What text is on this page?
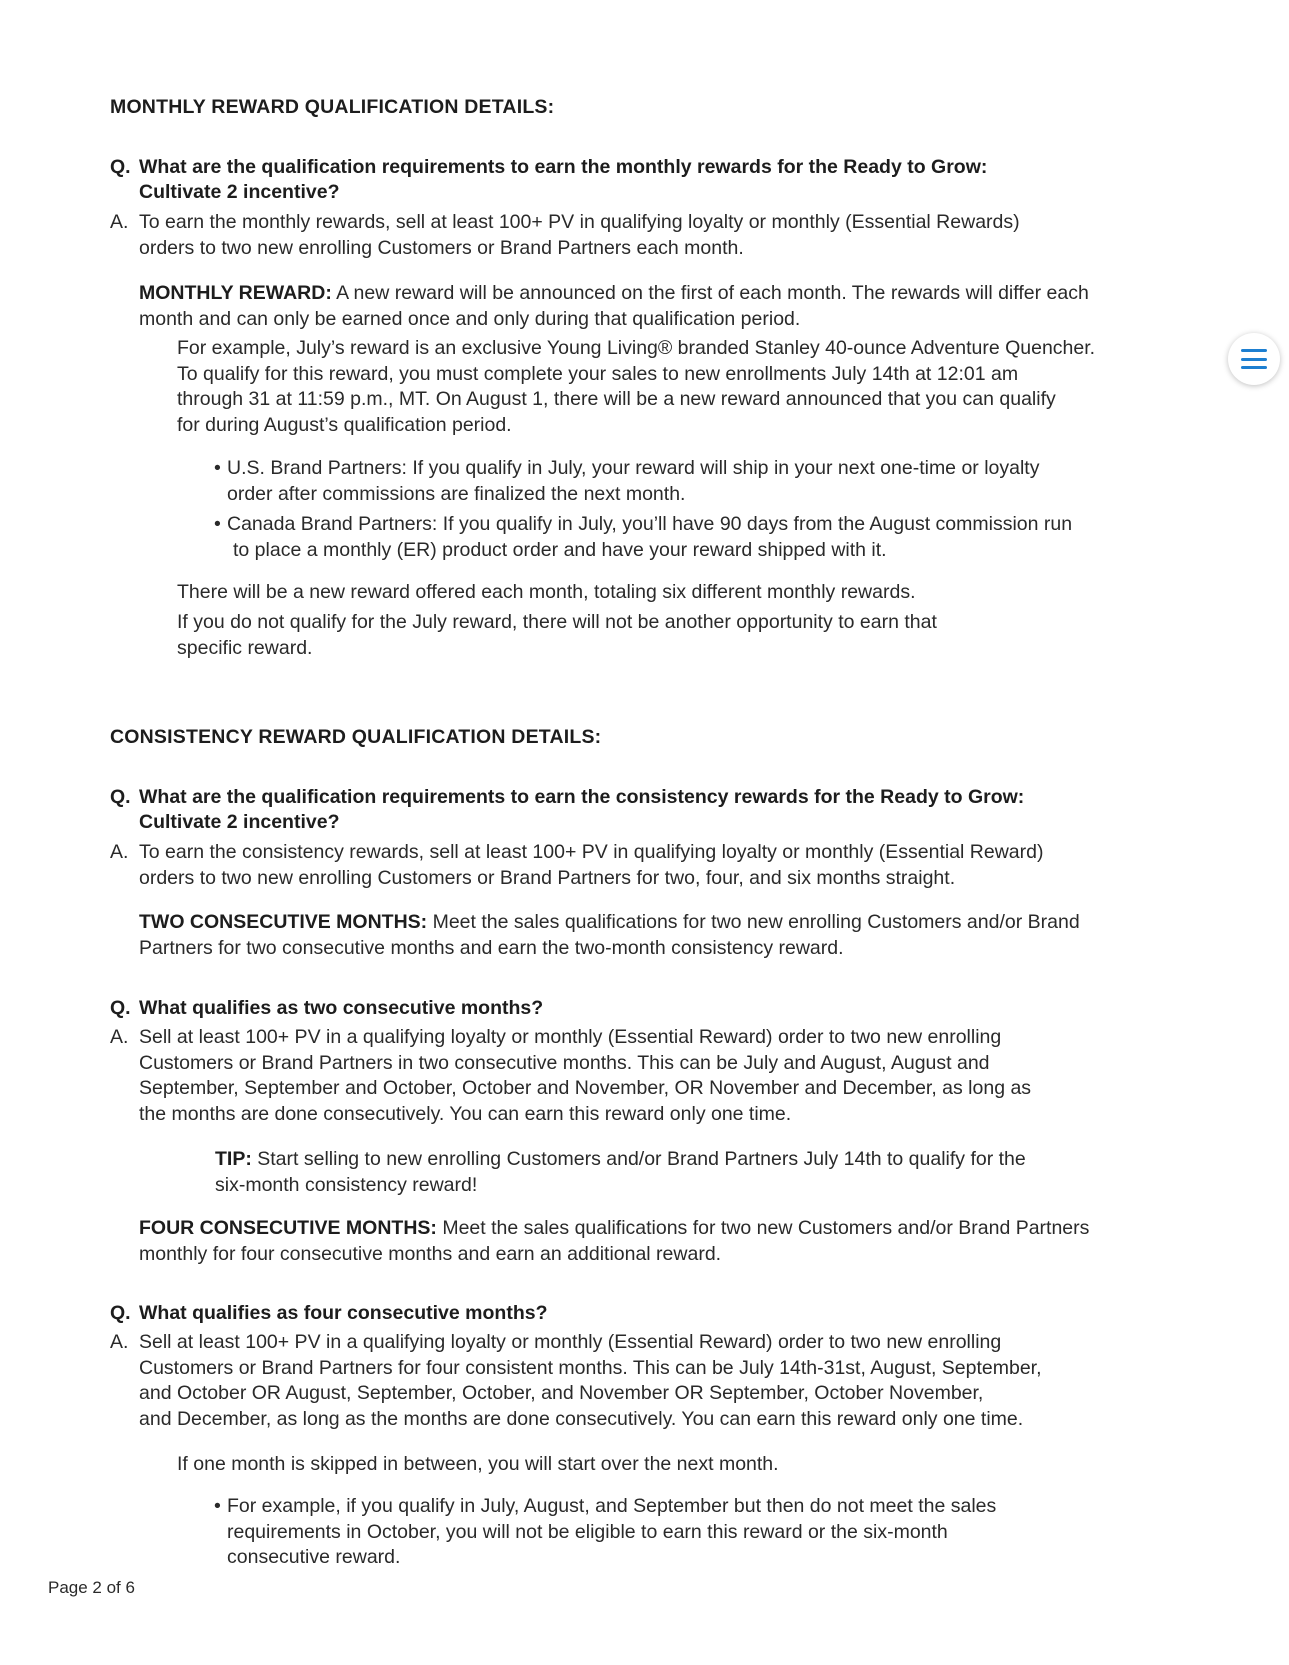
MONTHLY REWARD QUALIFICATION DETAILS:
Q. What are the qualification requirements to earn the monthly rewards for the Ready to Grow:
Cultivate 2 incentive?
A. To earn the monthly rewards, sell at least 100+ PV in qualifying loyalty or monthly (Essential Rewards)
orders to two new enrolling Customers or Brand Partners each month.
MONTHLY REWARD: A new reward will be announced on the first of each month. The rewards will differ each
month and can only be earned once and only during that qualification period.
For example, July’s reward is an exclusive Young Living® branded Stanley 40-ounce Adventure Quencher.
To qualify for this reward, you must complete your sales to new enrollments July 14th at 12:01 am
through 31 at 11:59 p.m., MT. On August 1, there will be a new reward announced that you can qualify
for during August’s qualification period.
• U.S. Brand Partners: If you qualify in July, your reward will ship in your next one-time or loyalty
order after commissions are finalized the next month.
• Canada Brand Partners: If you qualify in July, you’ll have 90 days from the August commission run
to place a monthly (ER) product order and have your reward shipped with it.
There will be a new reward offered each month, totaling six different monthly rewards.
If you do not qualify for the July reward, there will not be another opportunity to earn that
specific reward.
CONSISTENCY REWARD QUALIFICATION DETAILS:
Q. What are the qualification requirements to earn the consistency rewards for the Ready to Grow:
Cultivate 2 incentive?
A. To earn the consistency rewards, sell at least 100+ PV in qualifying loyalty or monthly (Essential Reward)
orders to two new enrolling Customers or Brand Partners for two, four, and six months straight.
TWO CONSECUTIVE MONTHS: Meet the sales qualifications for two new enrolling Customers and/or Brand
Partners for two consecutive months and earn the two-month consistency reward.
Q. What qualifies as two consecutive months?
A. Sell at least 100+ PV in a qualifying loyalty or monthly (Essential Reward) order to two new enrolling
Customers or Brand Partners in two consecutive months. This can be July and August, August and
September, September and October, October and November, OR November and December, as long as
the months are done consecutively. You can earn this reward only one time.
TIP: Start selling to new enrolling Customers and/or Brand Partners July 14th to qualify for the
six-month consistency reward!
FOUR CONSECUTIVE MONTHS: Meet the sales qualifications for two new Customers and/or Brand Partners
monthly for four consecutive months and earn an additional reward.
Q. What qualifies as four consecutive months?
A. Sell at least 100+ PV in a qualifying loyalty or monthly (Essential Reward) order to two new enrolling
Customers or Brand Partners for four consistent months. This can be July 14th-31st, August, September,
and October OR August, September, October, and November OR September, October November,
and December, as long as the months are done consecutively. You can earn this reward only one time.
If one month is skipped in between, you will start over the next month.
• For example, if you qualify in July, August, and September but then do not meet the sales
requirements in October, you will not be eligible to earn this reward or the six-month
consecutive reward.
Page 2 of 6
